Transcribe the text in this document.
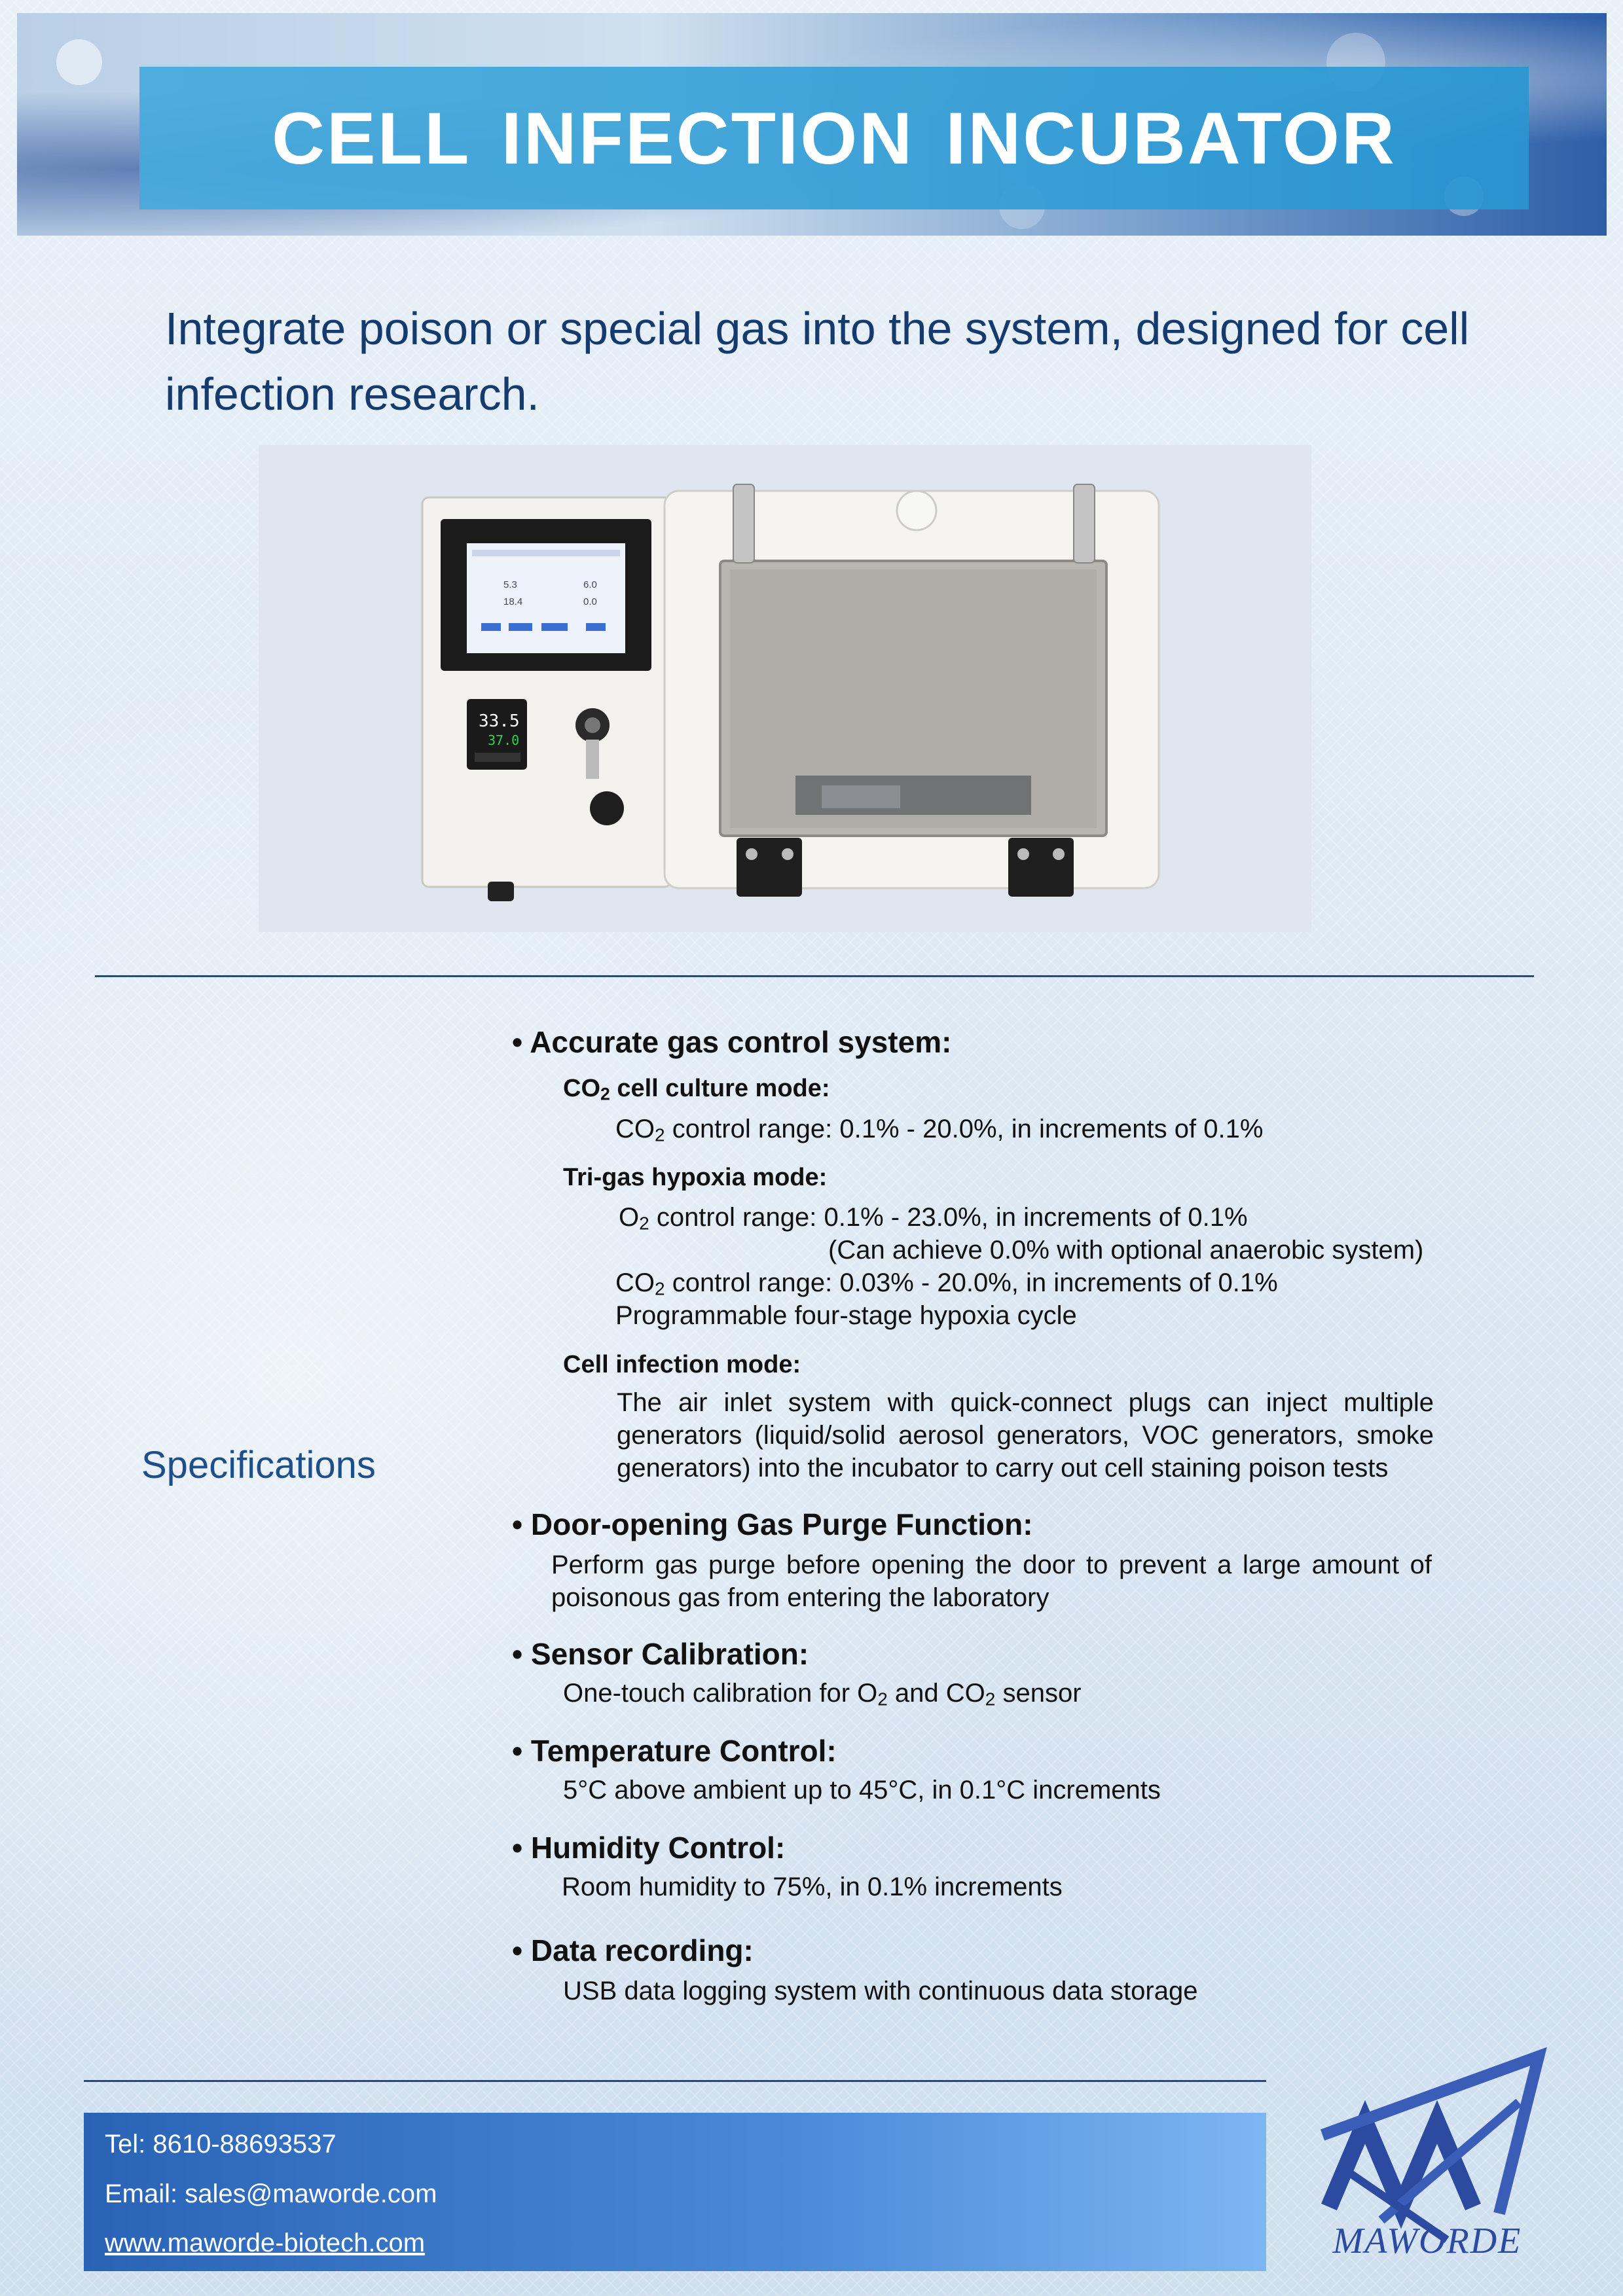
CELL INFECTION INCUBATOR

Integrate poison or special gas into the system, designed for cell infection research.

5.3	6.0
18.4	0.0
33.5
37.0
Specifications
• Accurate gas control system:
$CO_2$ cell culture mode:
$CO_2$ control range: 0.1% - 20.0%, in increments of 0.1%
Tri-gas hypoxia mode:
$O_2$ control range: 0.1% - 23.0%, in increments of 0.1%
(Can achieve 0.0% with optional anaerobic system)
$CO_2$ control range: 0.03% - 20.0%, in increments of 0.1%
Programmable four-stage hypoxia cycle
Cell infection mode:
The air inlet system with quick-connect plugs can inject multiple generators (liquid/solid aerosol generators, VOC generators, smoke generators) into the incubator to carry out cell staining poison tests
• Door-opening Gas Purge Function:
Perform gas purge before opening the door to prevent a large amount of poisonous gas from entering the laboratory
• Sensor Calibration:
One-touch calibration for $O_2$ and $CO_2$ sensor
• Temperature Control:
5°C above ambient up to 45°C, in 0.1°C increments
• Humidity Control:
Room humidity to 75%, in 0.1% increments
• Data recording:
USB data logging system with continuous data storage
Tel: 8610-88693537
Email: sales@maworde.com
www.maworde-biotech.com	MAWORDE
